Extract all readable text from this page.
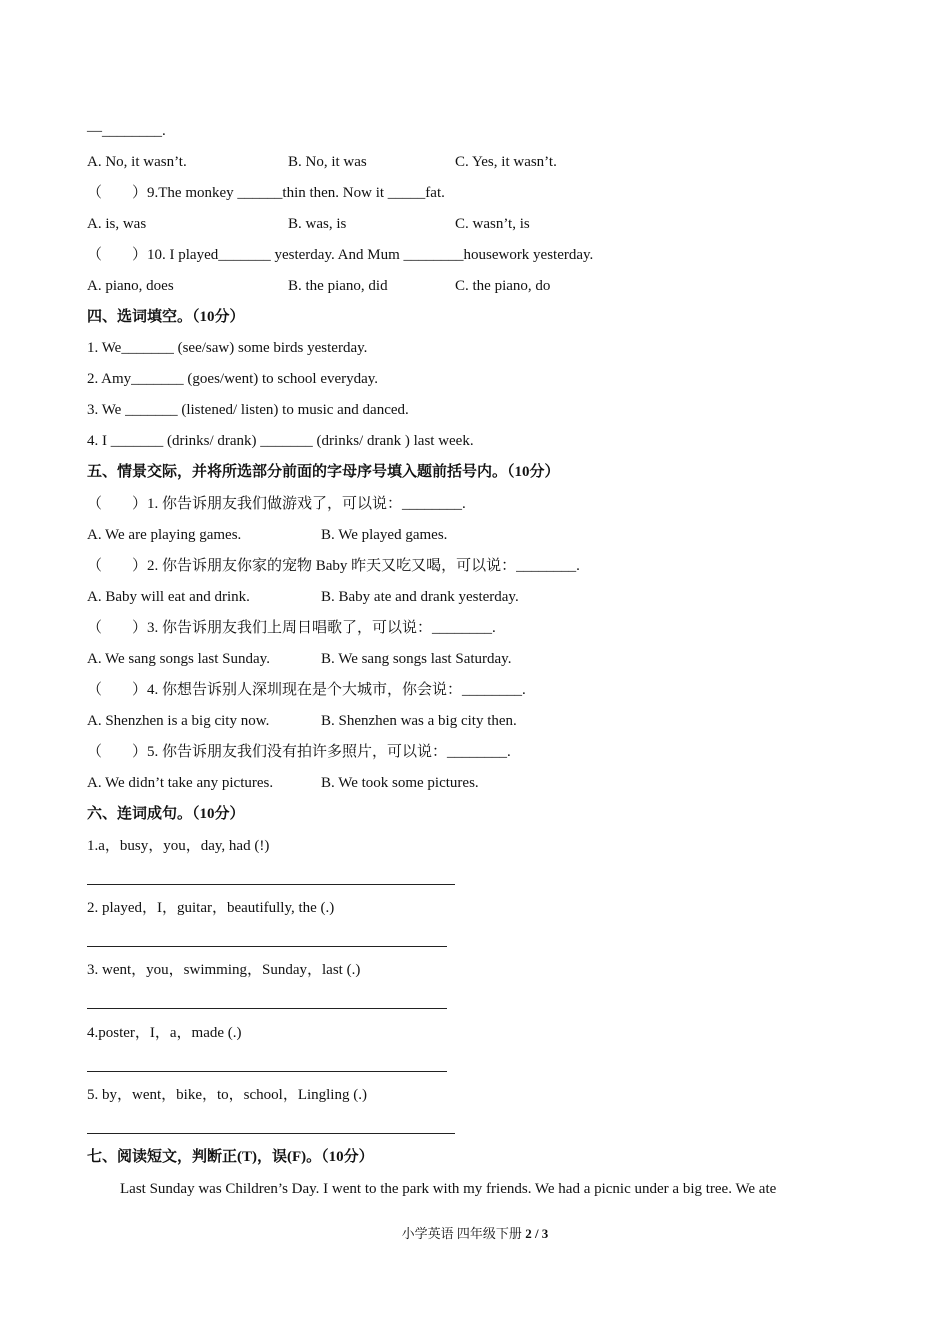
—________.
A. No, it wasn’t.	B. No, it was	C. Yes, it wasn’t.
（　　）9.The monkey ______thin then. Now it _____fat.
A. is, was	B. was, is	C. wasn’t, is
（　　）10. I played_______ yesterday. And Mum ________housework yesterday.
A. piano, does	B. the piano, did	C. the piano, do
四、选词填空。（10分）
1. We_______ (see/saw) some birds yesterday.
2. Amy_______ (goes/went) to school everyday.
3. We _______ (listened/ listen) to music and danced.
4. I _______ (drinks/ drank) _______ (drinks/ drank ) last week.
五、情景交际，并将所选部分前面的字母序号填入题前括号内。（10分）
（　　）1. 你告诉朋友我们做游戏了，可以说：________.
A. We are playing games.	B. We played games.
（　　）2. 你告诉朋友你家的宠物 Baby 昨天又吃又喝，可以说：________.
A. Baby will eat and drink.	B. Baby ate and drank yesterday.
（　　）3. 你告诉朋友我们上周日唱歌了，可以说：________.
A. We sang songs last Sunday.	B. We sang songs last Saturday.
（　　）4. 你想告诉别人深圳现在是个大城市，你会说：________.
A. Shenzhen is a big city now.	B. Shenzhen was a big city then.
（　　）5. 你告诉朋友我们没有拍许多照片，可以说：________.
A. We didn’t take any pictures.	B. We took some pictures.
六、连词成句。（10分）
1.a，busy，you，day, had (!)
2. played，I，guitar，beautifully, the (.)
3. went，you，swimming，Sunday，last (.)
4.poster，I，a，made (.)
5. by，went，bike，to，school，Lingling (.)
七、阅读短文，判断正(T)，误(F)。（10分）
Last Sunday was Children’s Day. I went to the park with my friends. We had a picnic under a big tree. We ate
小学英语 四年级下册 2 / 3
